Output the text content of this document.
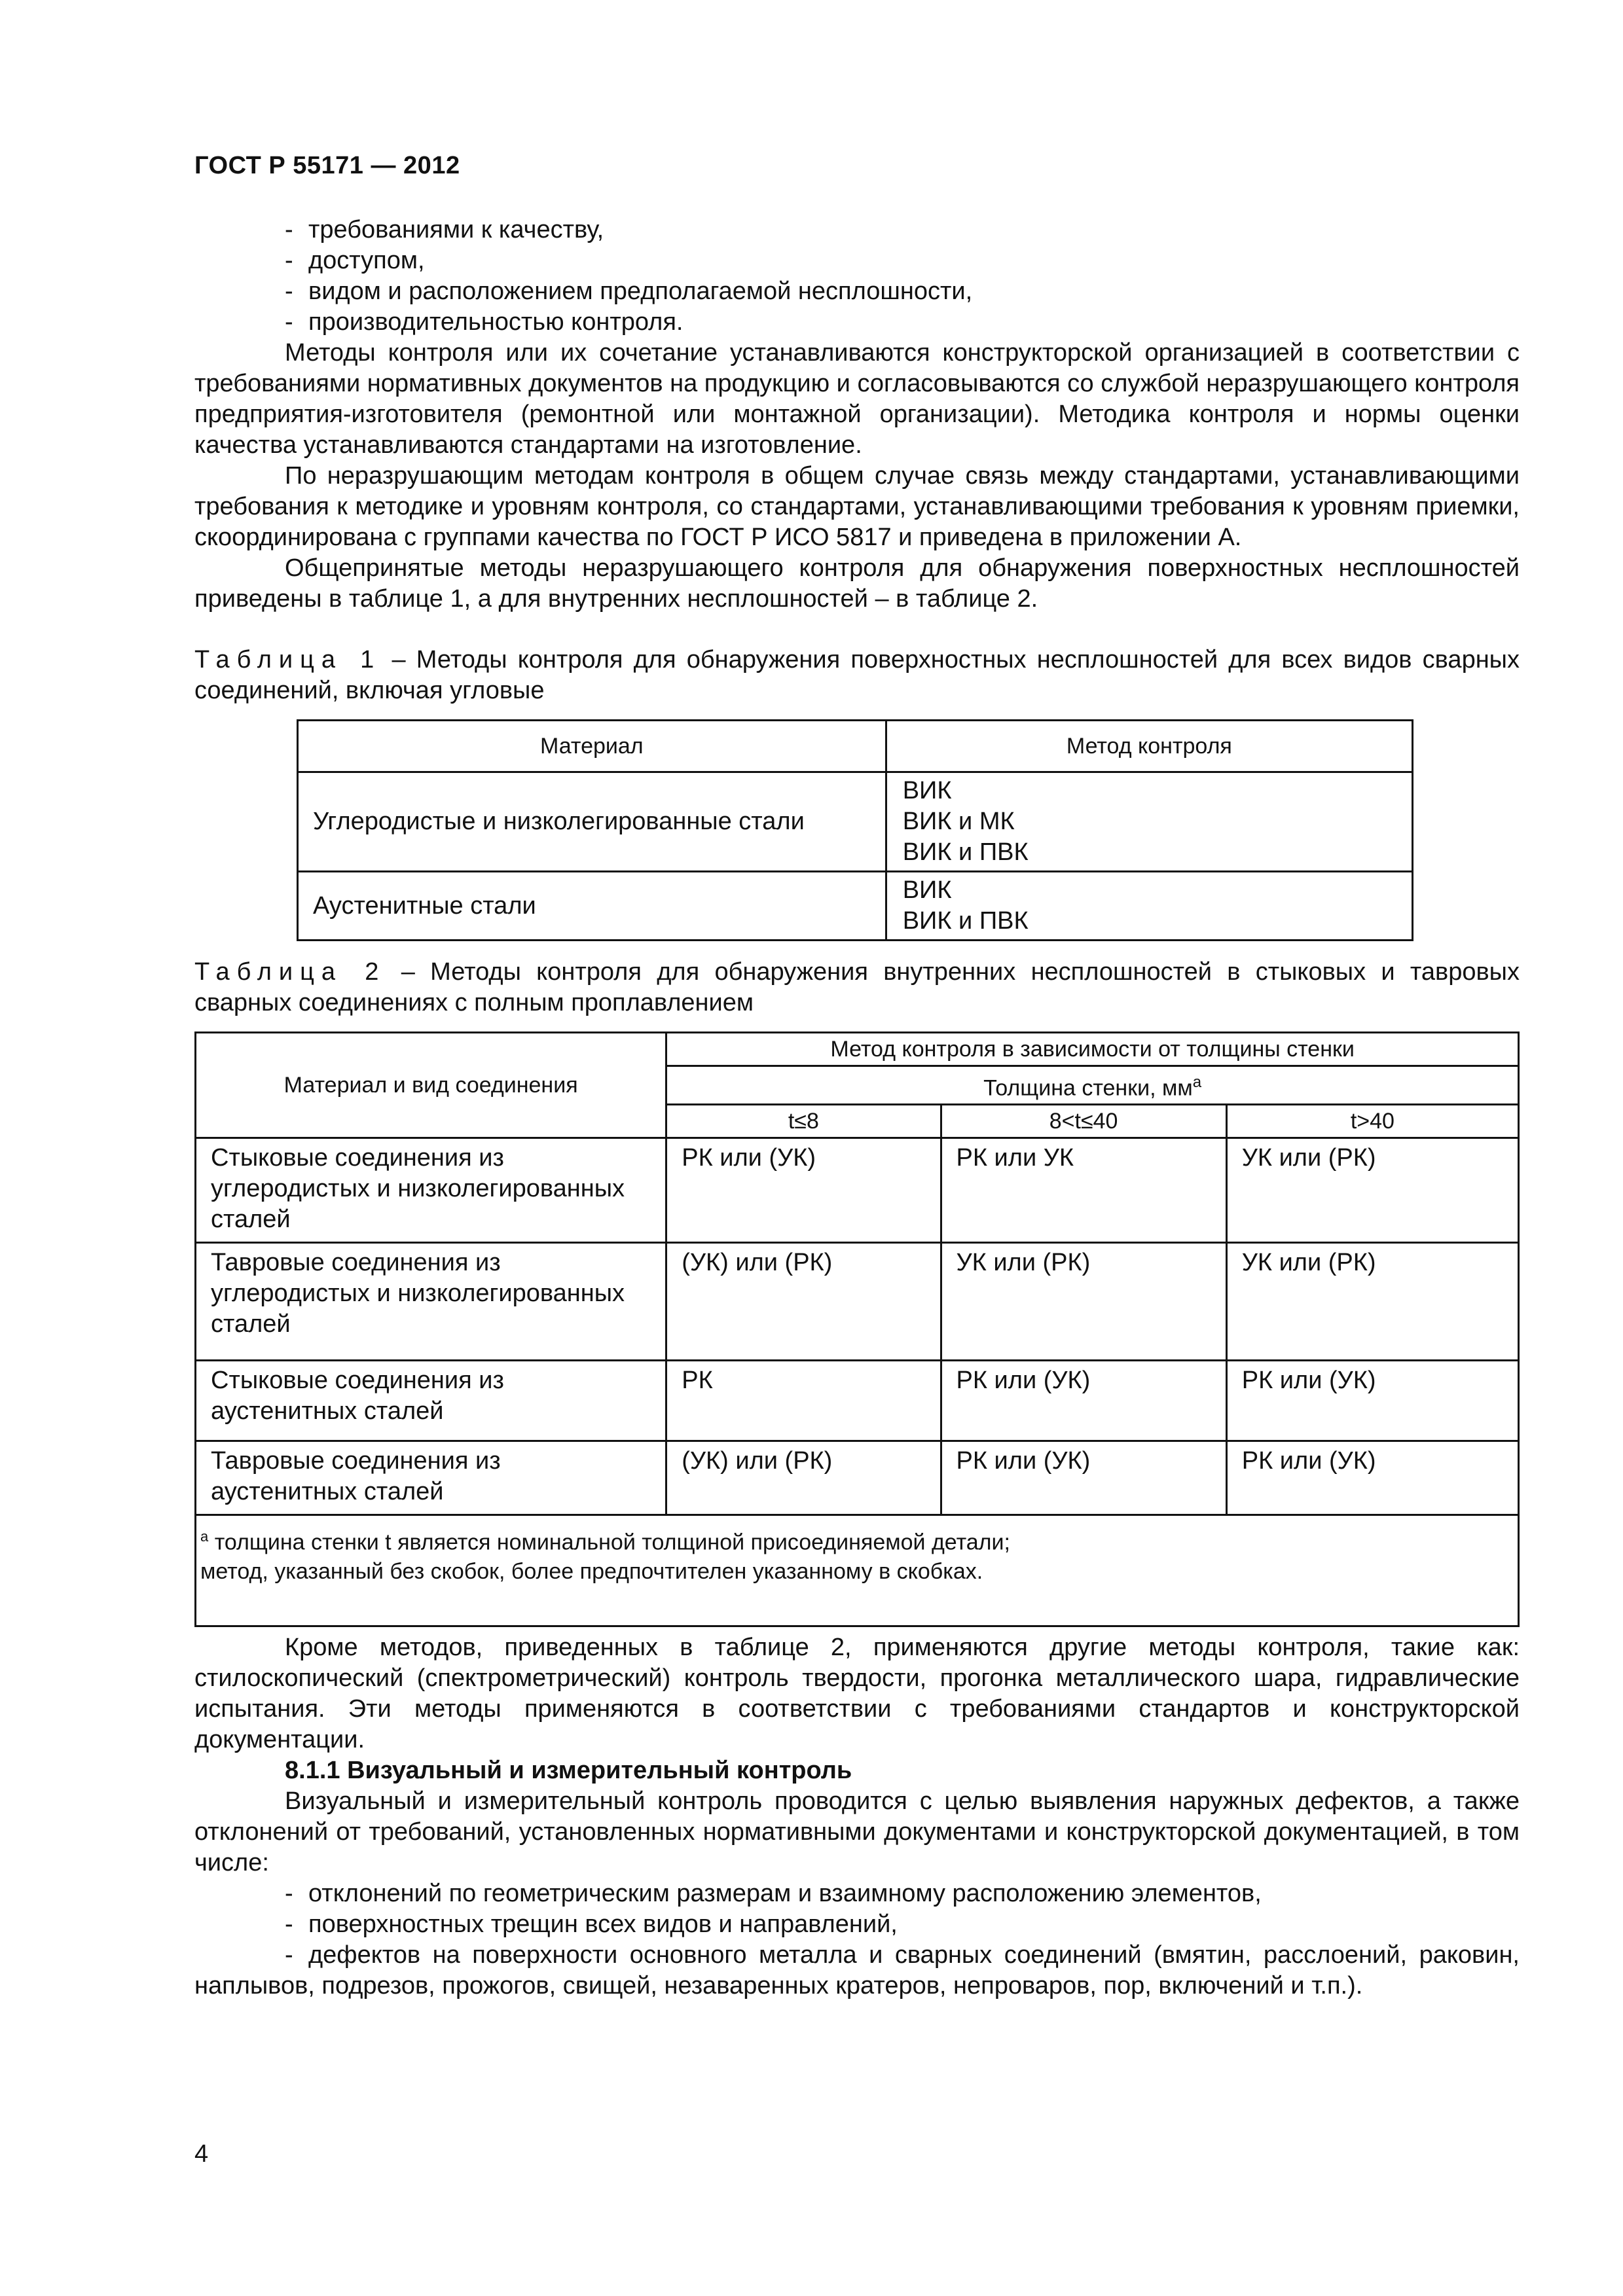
ГОСТ Р 55171 — 2012

- требованиями к качеству,

- доступом,

- видом и расположением предполагаемой несплошности,

- производительностью контроля.

Методы контроля или их сочетание устанавливаются конструкторской организацией в соответствии с требованиями нормативных документов на продукцию и согласовываются со службой неразрушающего контроля предприятия-изготовителя (ремонтной или монтажной организации). Методика контроля и нормы оценки качества устанавливаются стандартами на изготовление.

По неразрушающим методам контроля в общем случае связь между стандартами, устанавливающими требования к методике и уровням контроля, со стандартами, устанавливающими требования к уровням приемки, скоординирована с группами качества по ГОСТ Р ИСО 5817 и приведена в приложении А.

Общепринятые методы неразрушающего контроля для обнаружения поверхностных несплошностей приведены в таблице 1, а для внутренних несплошностей – в таблице 2.

Таблица 1 – Методы контроля для обнаружения поверхностных несплошностей для всех видов сварных соединений, включая угловые

Материал	Метод контроля
Углеродистые и низколегированные стали	ВИК
ВИК и МК
ВИК и ПВК

Аустенитные стали	ВИК
ВИК и ПВК

Таблица 2 – Методы контроля для обнаружения внутренних несплошностей в стыковых и тавровых сварных соединениях с полным проплавлением

Материал и вид соединения	Метод контроля в зависимости от толщины стенки		
	Толщина стенки, $мм^а$
	t≤8	8<t≤40	t>40
Стыковые соединения из углеродистых и низколегированных сталей	РК или (УК)	РК или УК	УК или (РК)
Тавровые соединения из углеродистых и низколегированных сталей	(УК) или (РК)	УК или (РК)	УК или (РК)
Стыковые соединения из аустенитных сталей	РК	РК или (УК)	РК или (УК)
Тавровые соединения из аустенитных сталей	(УК) или (РК)	РК или (УК)	РК или (УК)

$^а$ толщина стенки t является номинальной толщиной присоединяемой детали;
метод, указанный без скобок, более предпочтителен указанному в скобках.			

Кроме методов, приведенных в таблице 2, применяются другие методы контроля, такие как: стилоскопический (спектрометрический) контроль твердости, прогонка металлического шара, гидравлические испытания. Эти методы применяются в соответствии с требованиями стандартов и конструкторской документации.

8.1.1 Визуальный и измерительный контроль

Визуальный и измерительный контроль проводится с целью выявления наружных дефектов, а также отклонений от требований, установленных нормативными документами и конструкторской документацией, в том числе:

- отклонений по геометрическим размерам и взаимному расположению элементов,

- поверхностных трещин всех видов и направлений,

- дефектов на поверхности основного металла и сварных соединений (вмятин, расслоений, раковин, наплывов, подрезов, прожогов, свищей, незаваренных кратеров, непроваров, пор, включений и т.п.).

4
